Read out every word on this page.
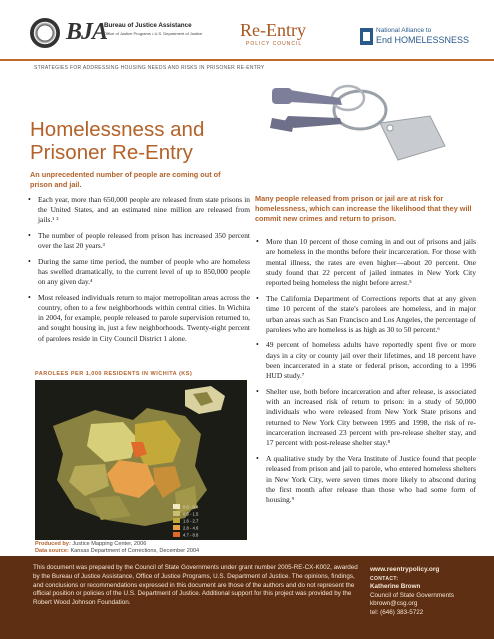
BJA
Bureau of Justice Assistance
Office of Justice Programs • U.S. Department of Justice Re-Entry
POLICY COUNCIL
National Alliance to
End HOMELESSNESS
STRATEGIES FOR ADDRESSING HOUSING NEEDS AND RISKS IN PRISONER RE-ENTRY
Homelessness and
Prisoner Re-Entry

An unprecedented number of people are coming out of prison and jail.

• Each year, more than 650,000 people are released from state prisons in the United States, and an estimated nine million are released from jails.¹ ²
• The number of people released from prison has increased 350 percent over the last 20 years.³
• During the same time period, the number of people who are homeless has swelled dramatically, to the current level of up to 850,000 people on any given day.⁴
• Most released individuals return to major metropolitan areas across the country, often to a few neighborhoods within central cities. In Wichita in 2004, for example, people released to parole supervision returned to, and sought housing in, just a few neighborhoods. Twenty-eight percent of parolees reside in City Council District 1 alone.

Many people released from prison or jail are at risk for homelessness, which can increase the likelihood that they will commit new crimes and return to prison.

• More than 10 percent of those coming in and out of prisons and jails are homeless in the months before their incarceration. For those with mental illness, the rates are even higher—about 20 percent. One study found that 22 percent of jailed inmates in New York City reported being homeless the night before arrest.⁵
• The California Department of Corrections reports that at any given time 10 percent of the state's parolees are homeless, and in major urban areas such as San Francisco and Los Angeles, the percentage of parolees who are homeless is as high as 30 to 50 percent.⁶
• 49 percent of homeless adults have reportedly spent five or more days in a city or county jail over their lifetimes, and 18 percent have been incarcerated in a state or federal prison, according to a 1996 HUD study.⁷
• Shelter use, both before incarceration and after release, is associated with an increased risk of return to prison: in a study of 50,000 individuals who were released from New York State prisons and returned to New York City between 1995 and 1998, the risk of re-incarceration increased 23 percent with pre-release shelter stay, and 17 percent with post-release shelter stay.⁸
• A qualitative study by the Vera Institute of Justice found that people released from prison and jail to parole, who entered homeless shelters in New York City, were seven times more likely to abscond during the first month after release than those who had some form of housing.⁹
PAROLEES PER 1,000 RESIDENTS IN WICHITA (KS)
0.0 - 0.4
0.5 - 1.5
1.6 - 2.7
2.8 - 4.6
4.7 - 8.8
Produced by: Justice Mapping Center, 2006
Data source: Kansas Department of Corrections, December 2004

This document was prepared by the Council of State Governments under grant number 2005-RE-CX-K002, awarded by the Bureau of Justice Assistance, Office of Justice Programs, U.S. Department of Justice. The opinions, findings, and conclusions or recommendations expressed in this document are those of the authors and do not represent the official position or policies of the U.S. Department of Justice. Additional support for this project was provided by the Robert Wood Johnson Foundation.

www.reentrypolicy.org
CONTACT:
Katherine Brown
Council of State Governments
kbrown@csg.org
tel: (646) 383-5722
